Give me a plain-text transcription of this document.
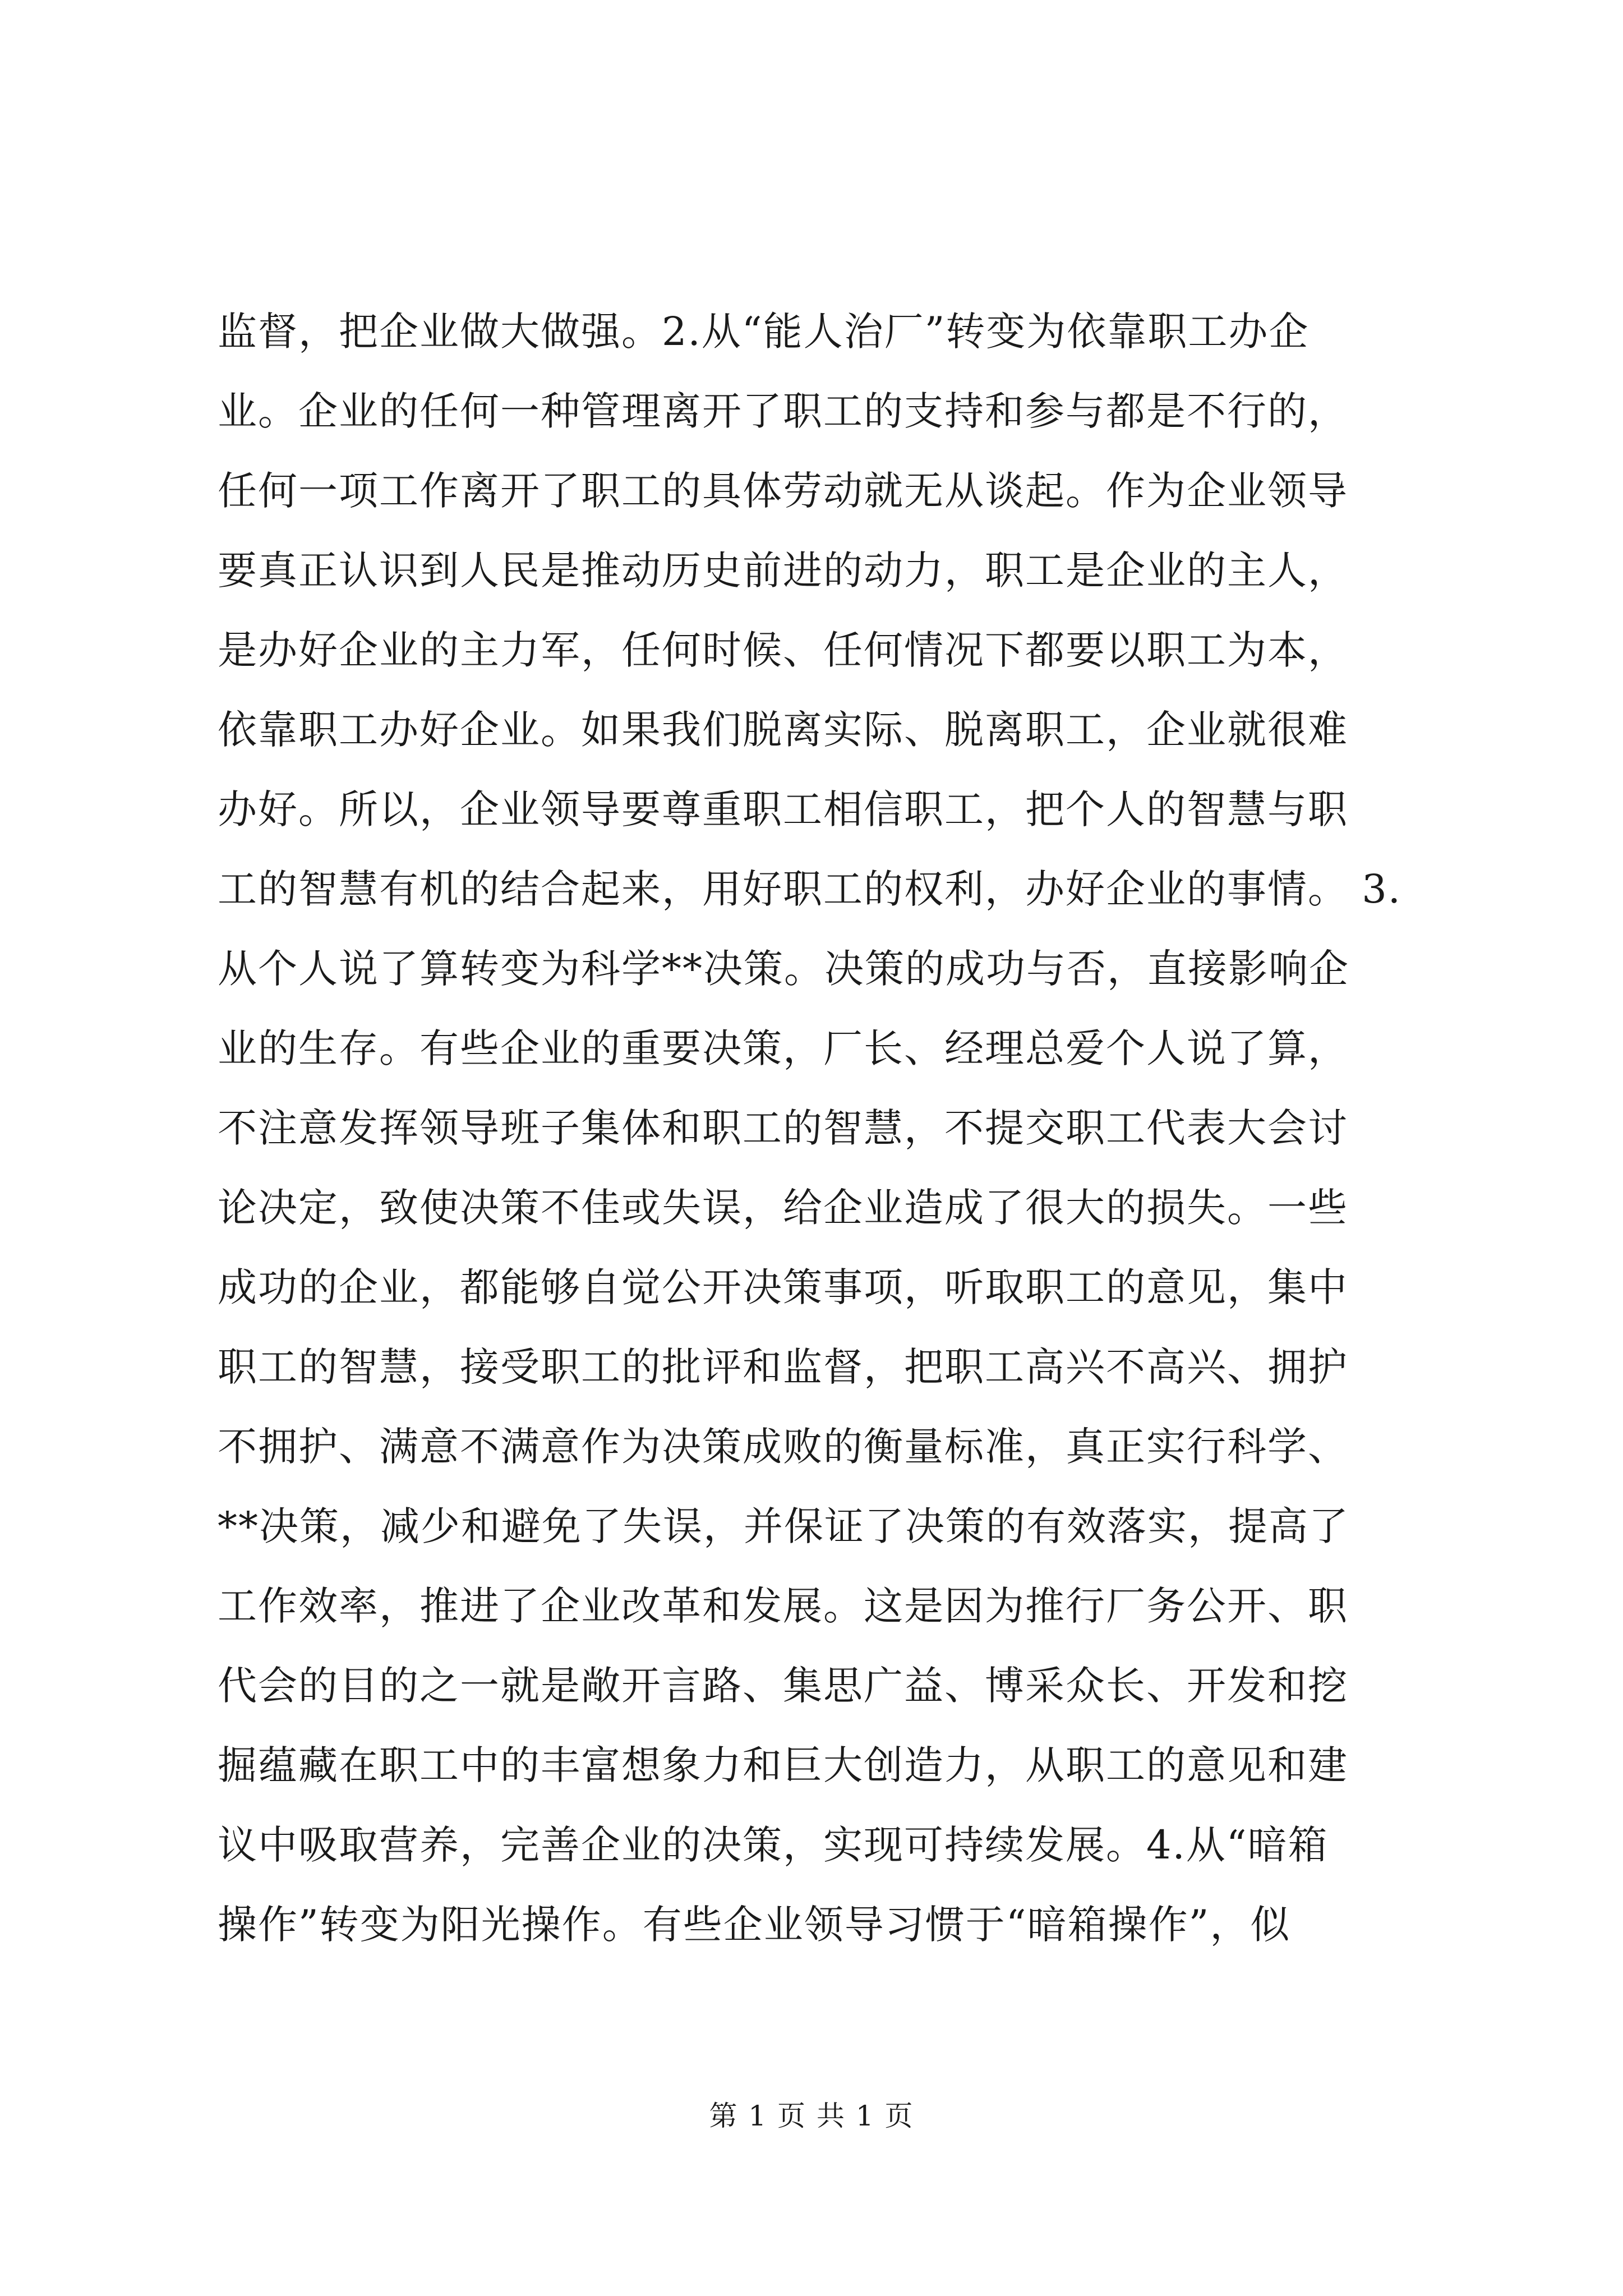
监督，把企业做大做强。2.从“能人治厂”转变为依靠职工办企
业。企业的任何一种管理离开了职工的支持和参与都是不行的，
任何一项工作离开了职工的具体劳动就无从谈起。作为企业领导
要真正认识到人民是推动历史前进的动力，职工是企业的主人，
是办好企业的主力军，任何时候、任何情况下都要以职工为本，
依靠职工办好企业。如果我们脱离实际、脱离职工，企业就很难
办好。所以，企业领导要尊重职工相信职工，把个人的智慧与职
工的智慧有机的结合起来，用好职工的权利，办好企业的事情。 3.
从个人说了算转变为科学**决策。决策的成功与否，直接影响企
业的生存。有些企业的重要决策，厂长、经理总爱个人说了算，
不注意发挥领导班子集体和职工的智慧，不提交职工代表大会讨
论决定，致使决策不佳或失误，给企业造成了很大的损失。一些
成功的企业，都能够自觉公开决策事项，听取职工的意见，集中
职工的智慧，接受职工的批评和监督，把职工高兴不高兴、拥护
不拥护、满意不满意作为决策成败的衡量标准，真正实行科学、
**决策，减少和避免了失误，并保证了决策的有效落实，提高了
工作效率，推进了企业改革和发展。这是因为推行厂务公开、职
代会的目的之一就是敞开言路、集思广益、博采众长、开发和挖
掘蕴藏在职工中的丰富想象力和巨大创造力，从职工的意见和建
议中吸取营养，完善企业的决策，实现可持续发展。4.从“暗箱
操作”转变为阳光操作。有些企业领导习惯于“暗箱操作”，似
第 1 页 共 1 页
